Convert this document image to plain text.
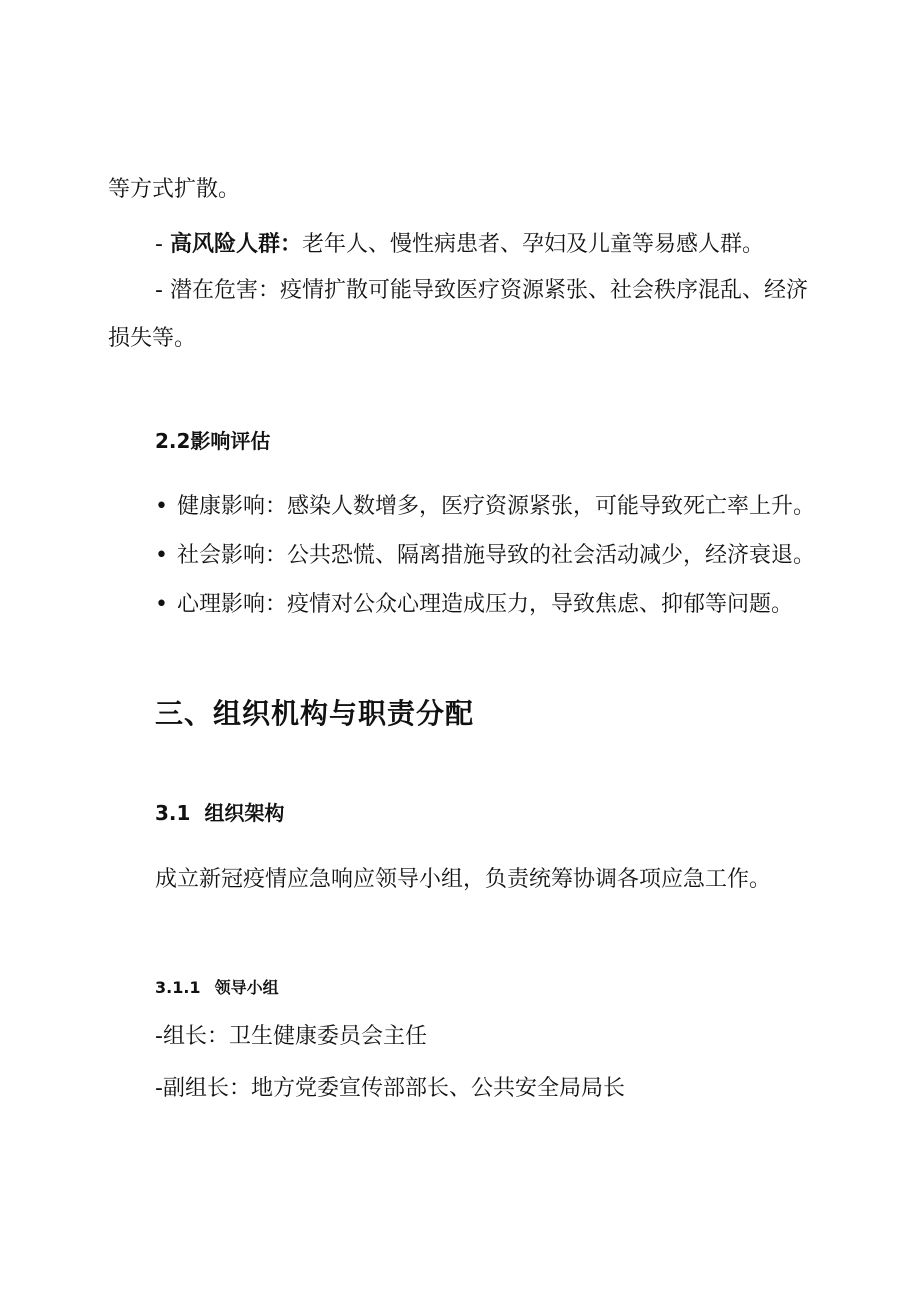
等方式扩散。
- 高风险人群：老年人、慢性病患者、孕妇及儿童等易感人群。
- 潜在危害：疫情扩散可能导致医疗资源紧张、社会秩序混乱、经济
损失等。
2.2影响评估
• 健康影响：感染人数增多，医疗资源紧张，可能导致死亡率上升。
• 社会影响：公共恐慌、隔离措施导致的社会活动减少，经济衰退。
• 心理影响：疫情对公众心理造成压力，导致焦虑、抑郁等问题。
三、组织机构与职责分配
3.1 组织架构
成立新冠疫情应急响应领导小组，负责统筹协调各项应急工作。
3.1.1 领导小组
-组长：卫生健康委员会主任
-副组长：地方党委宣传部部长、公共安全局局长
